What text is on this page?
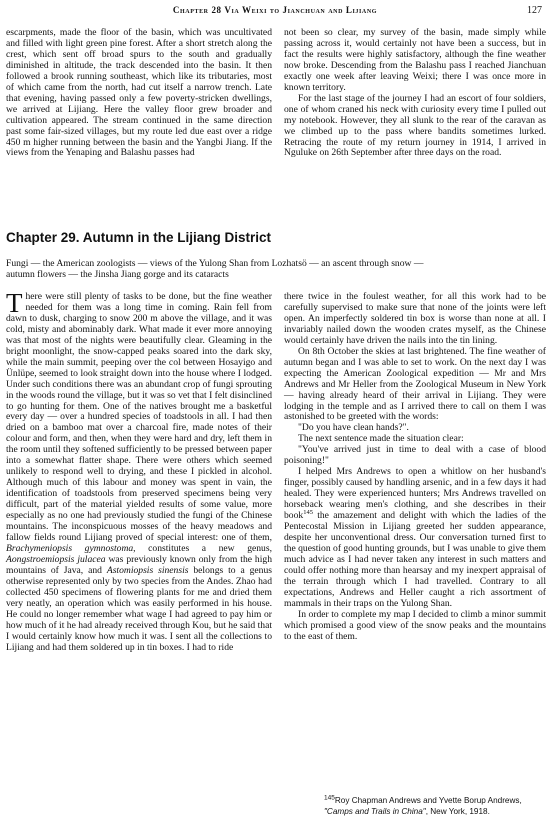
Chapter 28 Via Weixi to Jianchuan and Lijiang	127

escarpments, made the floor of the basin, which was uncultivated and filled with light green pine forest. After a short stretch along the crest, which sent off broad spurs to the south and gradually diminished in altitude, the track descended into the basin. It then followed a brook running southeast, which like its tributaries, most of which came from the north, had cut itself a narrow trench. Late that evening, having passed only a few poverty-stricken dwellings, we arrived at Lijiang. Here the valley floor grew broader and cultivation appeared. The stream continued in the same direction past some fair-sized villages, but my route led due east over a ridge 450 m higher running between the basin and the Yangbi Jiang. If the views from the Yenaping and Balashu passes had

not been so clear, my survey of the basin, made simply while passing across it, would certainly not have been a success, but in fact the results were highly satisfactory, although the fine weather now broke. Descending from the Balashu pass I reached Jianchuan exactly one week after leaving Weixi; there I was once more in known territory.

For the last stage of the journey I had an escort of four soldiers, one of whom craned his neck with curiosity every time I pulled out my notebook. However, they all slunk to the rear of the caravan as we climbed up to the pass where bandits sometimes lurked. Retracing the route of my return journey in 1914, I arrived in Nguluke on 26th September after three days on the road.

Chapter 29. Autumn in the Lijiang District
Fungi — the American zoologists — views of the Yulong Shan from Lozhatsö — an ascent through snow —
autumn flowers — the Jinsha Jiang gorge and its cataracts

There were still plenty of tasks to be done, but the fine weather needed for them was a long time in coming. Rain fell from dawn to dusk, charging to snow 200 m above the village, and it was cold, misty and abominably dark. What made it ever more annoying was that most of the nights were beautifully clear. Gleaming in the bright moonlight, the snow-capped peaks soared into the dark sky, while the main summit, peeping over the col between Hosayigo and Ünlüpe, seemed to look straight down into the house where I lodged. Under such conditions there was an abundant crop of fungi sprouting in the woods round the village, but it was so vet that I felt disinclined to go hunting for them. One of the natives brought me a basketful every day — over a hundred species of toadstools in all. I had then dried on a bamboo mat over a charcoal fire, made notes of their colour and form, and then, when they were hard and dry, left them in the room until they softened sufficiently to be pressed between paper into a somewhat flatter shape. There were others which seemed unlikely to respond well to drying, and these I pickled in alcohol. Although much of this labour and money was spent in vain, the identification of toadstools from preserved specimens being very difficult, part of the material yielded results of some value, more especially as no one had previously studied the fungi of the Chinese mountains. The inconspicuous mosses of the heavy meadows and fallow fields round Lijiang proved of special interest: one of them, Brachymeniopsis gymnostoma, constitutes a new genus, Aongstroemiopsis julacea was previously known only from the high mountains of Java, and Astomiopsis sinensis belongs to a genus otherwise represented only by two species from the Andes. Zhao had collected 450 specimens of flowering plants for me and dried them very neatly, an operation which was easily performed in his house. He could no longer remember what wage I had agreed to pay him or how much of it he had already received through Kou, but he said that I would certainly know how much it was. I sent all the collections to Lijiang and had them soldered up in tin boxes. I had to ride

there twice in the foulest weather, for all this work had to be carefully supervised to make sure that none of the joints were left open. An imperfectly soldered tin box is worse than none at all. I invariably nailed down the wooden crates myself, as the Chinese would certainly have driven the nails into the tin lining.

On 8th October the skies at last brightened. The fine weather of autumn began and I was able to set to work. On the next day I was expecting the American Zoological expedition — Mr and Mrs Andrews and Mr Heller from the Zoological Museum in New York — having already heard of their arrival in Lijiang. They were lodging in the temple and as I arrived there to call on them I was astonished to be greeted with the words:

"Do you have clean hands?".

The next sentence made the situation clear:

"You've arrived just in time to deal with a case of blood poisoning!"

I helped Mrs Andrews to open a whitlow on her husband's finger, possibly caused by handling arsenic, and in a few days it had healed. They were experienced hunters; Mrs Andrews travelled on horseback wearing men's clothing, and she describes in their book$^{145}$ the amazement and delight with which the ladies of the Pentecostal Mission in Lijiang greeted her sudden appearance, despite her unconventional dress. Our conversation turned first to the question of good hunting grounds, but I was unable to give them much advice as I had never taken any interest in such matters and could offer nothing more than hearsay and my inexpert appraisal of the terrain through which I had travelled. Contrary to all expectations, Andrews and Heller caught a rich assortment of mammals in their traps on the Yulong Shan.

In order to complete my map I decided to climb a minor summit which promised a good view of the snow peaks and the mountains to the east of them.

$^{145}$Roy Chapman Andrews and Yvette Borup Andrews, "Camps and Trails in China", New York, 1918.
